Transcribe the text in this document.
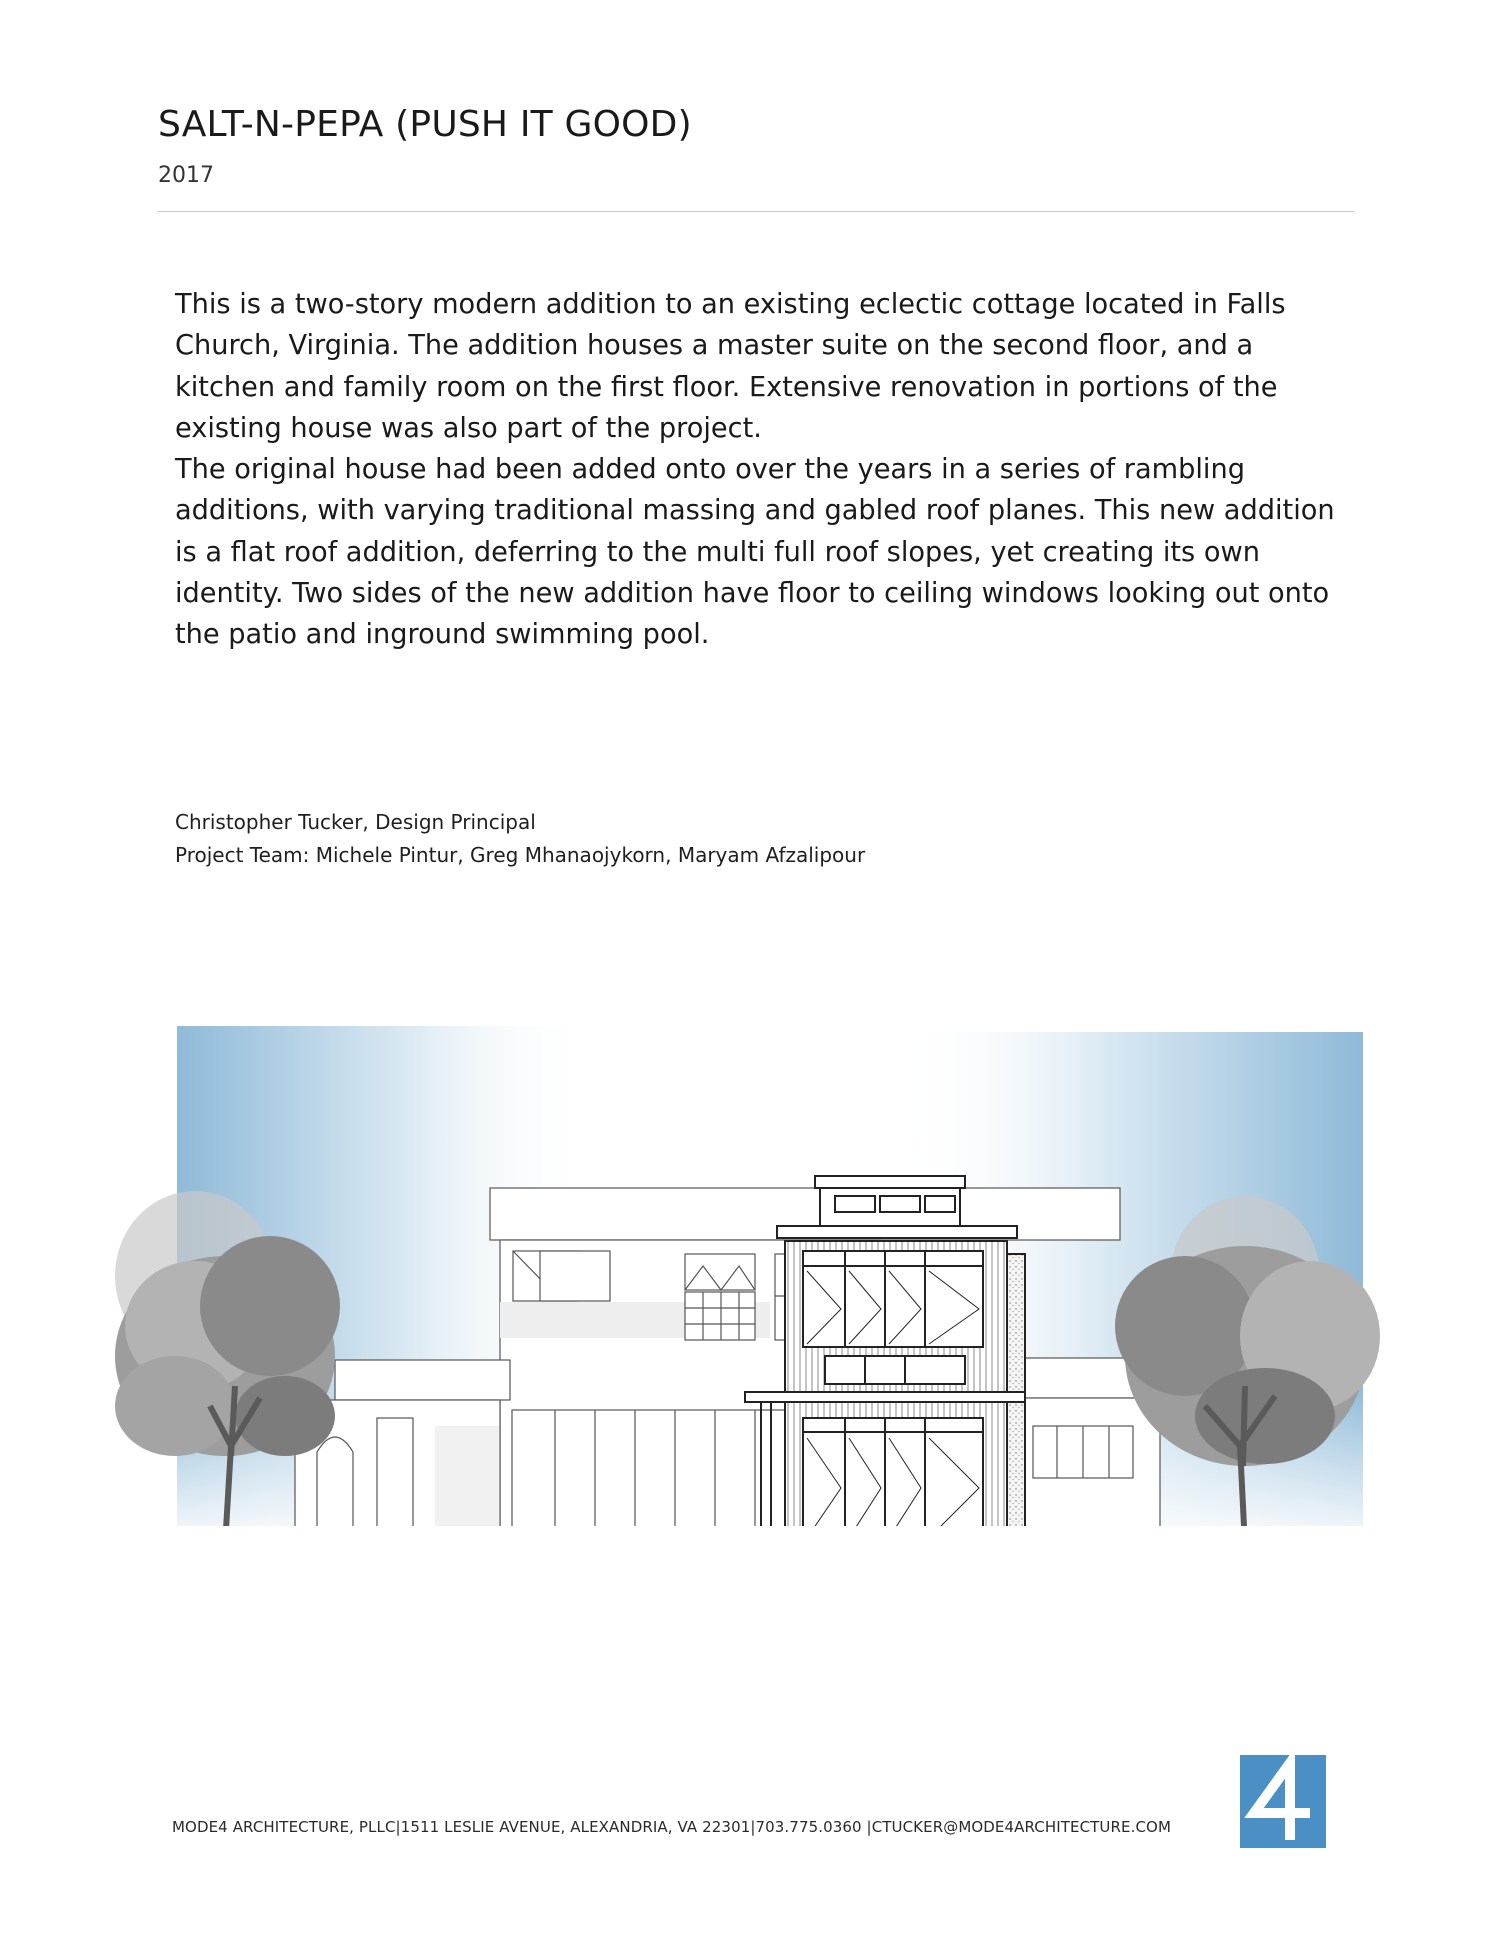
SALT-N-PEPA (PUSH IT GOOD)
2017

This is a two-story modern addition to an existing eclectic cottage located in Falls Church, Virginia. The addition houses a master suite on the second floor, and a kitchen and family room on the first floor. Extensive renovation in portions of the existing house was also part of the project.

The original house had been added onto over the years in a series of rambling additions, with varying traditional massing and gabled roof planes. This new addition is a flat roof addition, deferring to the multi full roof slopes, yet creating its own identity. Two sides of the new addition have floor to ceiling windows looking out onto the patio and inground swimming pool.

Christopher Tucker, Design Principal
Project Team: Michele Pintur, Greg Mhanaojykorn, Maryam Afzalipour
MODE4 ARCHITECTURE, PLLC|1511 LESLIE AVENUE, ALEXANDRIA, VA 22301|703.775.0360 |CTUCKER@MODE4ARCHITECTURE.COM
